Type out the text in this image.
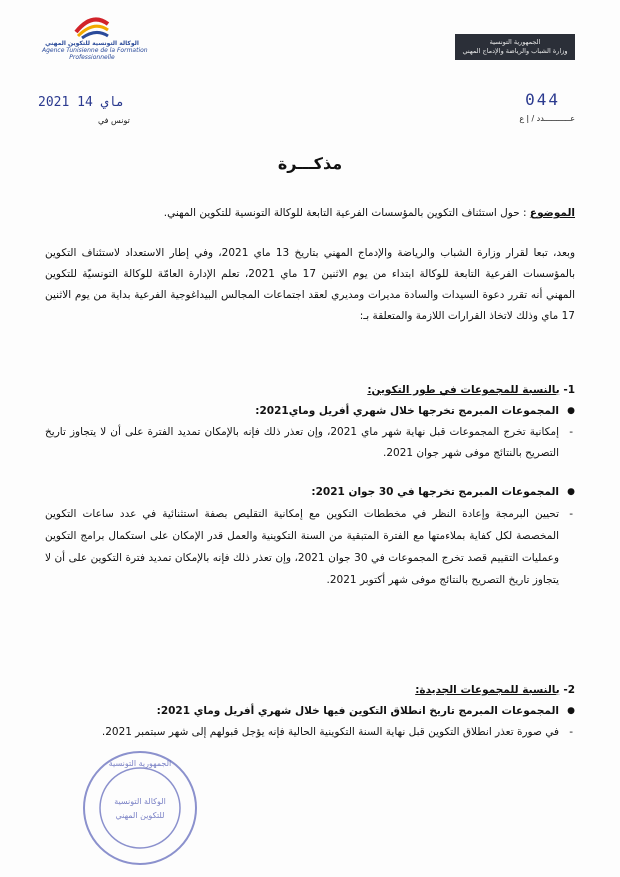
الوكالة التونسية للتكوين المهني
Agence Tunisienne de la Formation
Professionnelle
الجمهورية التونسية
وزارة الشباب والرياضة والإدماج المهني
2021 ماي 14
تونس في
044
عـــــــــــدد / إ ع
مذكـــرة
الموضوع : حول استئناف التكوين بالمؤسسات الفرعية التابعة للوكالة التونسية للتكوين المهني.
وبعد، تبعا لقرار وزارة الشباب والرياضة والإدماج المهني بتاريخ 13 ماي 2021، وفي إطار الاستعداد لاستئناف التكوين بالمؤسسات الفرعية التابعة للوكالة ابتداء من يوم الاثنين 17 ماي 2021، تعلم الإدارة العامّة للوكالة التونسيّة للتكوين المهني أنه تقرر دعوة السيدات والسادة مديرات ومديري لعقد اجتماعات المجالس البيداغوجية الفرعية بداية من يوم الاثنين 17 ماي وذلك لاتخاذ القرارات اللازمة والمتعلقة بـ:
1- بالنسبة للمجموعات في طور التكوين:
● المجموعات المبرمج تخرجها خلال شهري أفريل وماي2021:
- إمكانية تخرج المجموعات قبل نهاية شهر ماي 2021، وإن تعذر ذلك فإنه بالإمكان تمديد الفترة على أن لا يتجاوز تاريخ التصريح بالنتائج موفى شهر جوان 2021.
● المجموعات المبرمج تخرجها في 30 جوان 2021:
- تحيين البرمجة وإعادة النظر في مخططات التكوين مع إمكانية التقليص بصفة استثنائية في عدد ساعات التكوين المخصصة لكل كفاية بملاءمتها مع الفترة المتبقية من السنة التكوينية والعمل قدر الإمكان على استكمال برامج التكوين وعمليات التقييم قصد تخرج المجموعات في 30 جوان 2021، وإن تعذر ذلك فإنه بالإمكان تمديد فترة التكوين على أن لا يتجاوز تاريخ التصريح بالنتائج موفى شهر أكتوبر 2021.
2- بالنسبة للمجموعات الجديدة:
● المجموعات المبرمج تاريخ انطلاق التكوين فيها خلال شهري أفريل وماي 2021:
- في صورة تعذر انطلاق التكوين قبل نهاية السنة التكوينية الحالية فإنه يؤجل قبولهم إلى شهر سبتمبر 2021.
الجمهورية التونسية
الوكالة التونسية
للتكوين المهني
